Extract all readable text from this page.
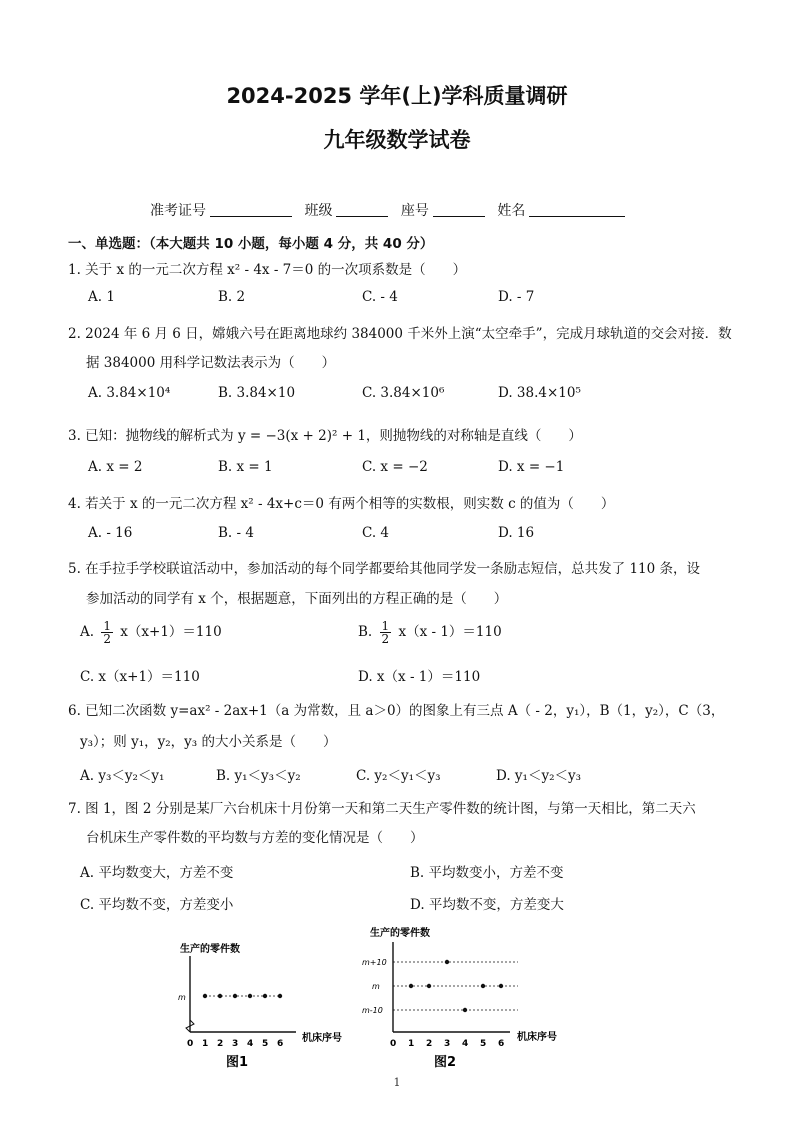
2024-2025 学年(上)学科质量调研
九年级数学试卷
准考证号	班级	座号	姓名
一、单选题：（本大题共 10 小题，每小题 4 分，共 40 分）
1. 关于 x 的一元二次方程 x² - 4x - 7＝0 的一次项系数是（　　）
A. 1	B. 2	C. - 4	D. - 7
2. 2024 年 6 月 6 日，嫦娥六号在距离地球约 384000 千米外上演“太空牵手”，完成月球轨道的交会对接．数
据 384000 用科学记数法表示为（　　）
A. 3.84×10⁴	B. 3.84×10	C. 3.84×10⁶	D. 38.4×10⁵
3. 已知：抛物线的解析式为 y = −3(x + 2)² + 1，则抛物线的对称轴是直线（　　）
A. x = 2	B. x = 1	C. x = −2	D. x = −1
4. 若关于 x 的一元二次方程 x² - 4x+c＝0 有两个相等的实数根，则实数 c 的值为（　　）
A. - 16	B. - 4	C. 4	D. 16
5. 在手拉手学校联谊活动中，参加活动的每个同学都要给其他同学发一条励志短信，总共发了 110 条，设
参加活动的同学有 x 个，根据题意，下面列出的方程正确的是（　　）
A. $\frac{1}{2} x(x+1)=110$	B. $\frac{1}{2} x(x - 1)=110$
C. x（x+1）＝110	D. x（x - 1）＝110
6. 已知二次函数 y=ax² - 2ax+1（a 为常数，且 a＞0）的图象上有三点 A（ - 2，y₁），B（1，y₂），C（3，
y₃）；则 y₁，y₂，y₃ 的大小关系是（　　）
A. y₃＜y₂＜y₁	B. y₁＜y₃＜y₂	C. y₂＜y₁＜y₃	D. y₁＜y₂＜y₃
7. 图 1，图 2 分别是某厂六台机床十月份第一天和第二天生产零件数的统计图，与第一天相比，第二天六
台机床生产零件数的平均数与方差的变化情况是（　　）
A. 平均数变大，方差不变	B. 平均数变小，方差不变
C. 平均数不变，方差变小	D. 平均数不变，方差变大
生产的零件数
m
机床序号
0 1 2 3 4 5 6
图1
生产的零件数
m+10
m
m-10
机床序号
0 1 2 3 4 5 6
图2
1
